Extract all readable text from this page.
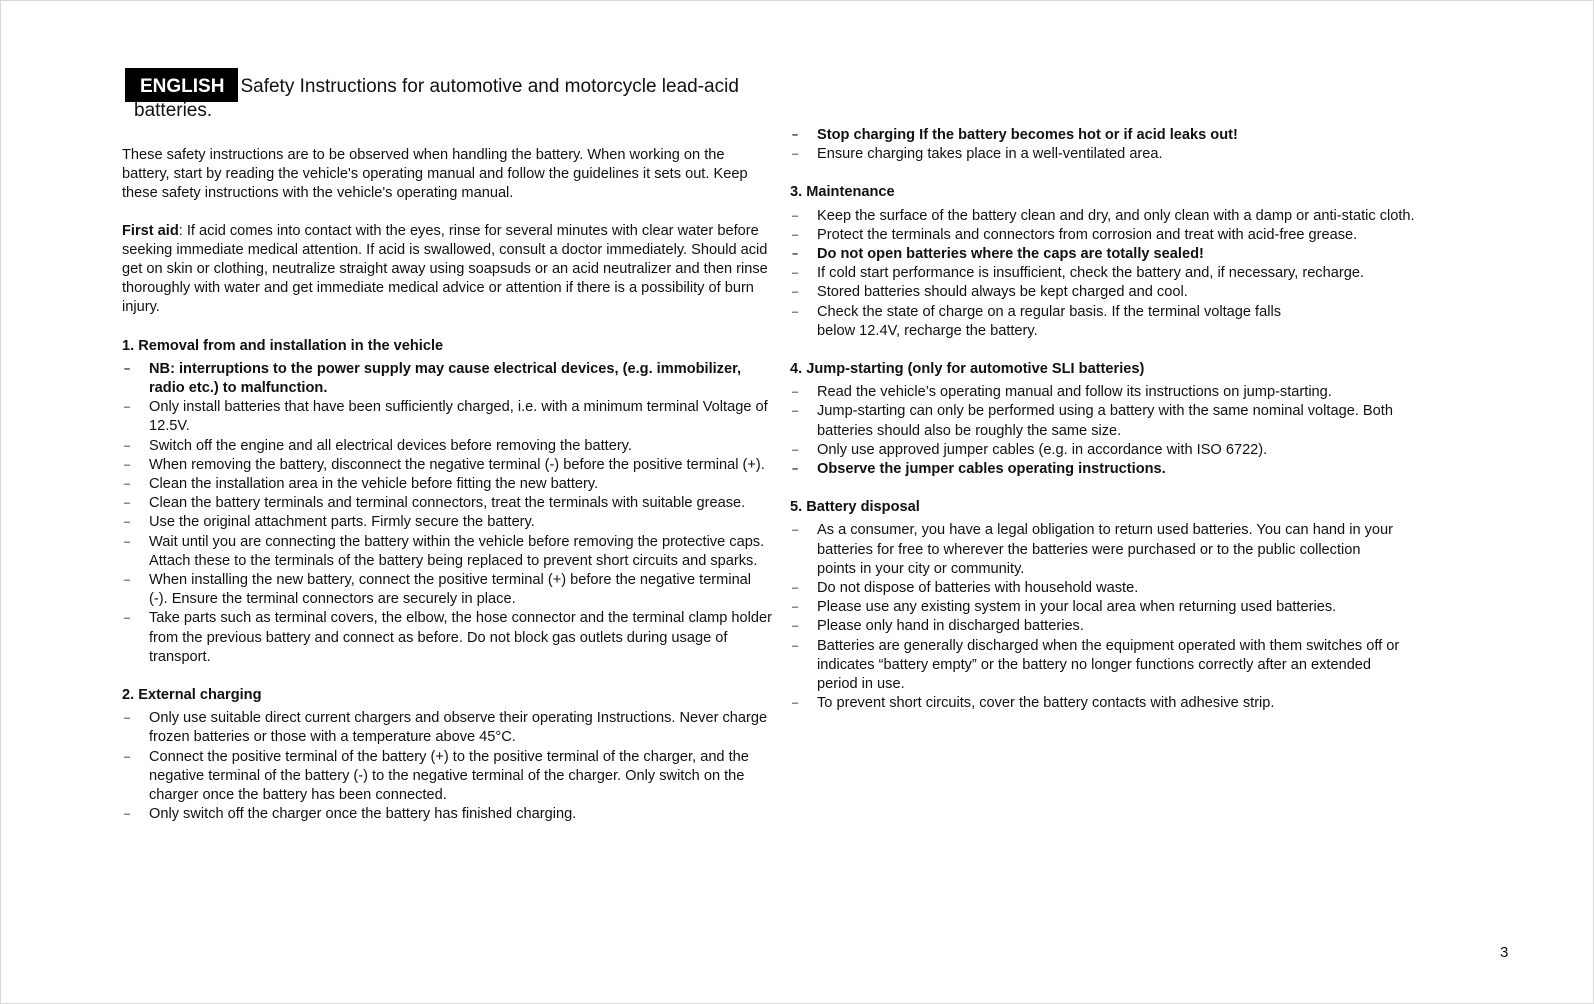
ENGLISH Safety Instructions for automotive and motorcycle lead-acid
batteries.

These safety instructions are to be observed when handling the battery. When working on the battery, start by reading the vehicle's operating manual and follow the guidelines it sets out. Keep these safety instructions with the vehicle's operating manual.

First aid: If acid comes into contact with the eyes, rinse for several minutes with clear water before seeking immediate medical attention. If acid is swallowed, consult a doctor immediately. Should acid get on skin or clothing, neutralize straight away using soapsuds or an acid neutralizer and then rinse thoroughly with water and get immediate medical advice or attention if there is a possibility of burn injury.

1. Removal from and installation in the vehicle
– NB: interruptions to the power supply may cause electrical devices, (e.g. immobilizer, radio etc.) to malfunction.
– Only install batteries that have been sufficiently charged, i.e. with a minimum terminal Voltage of 12.5V.
– Switch off the engine and all electrical devices before removing the battery.
– When removing the battery, disconnect the negative terminal (-) before the positive terminal (+).
– Clean the installation area in the vehicle before fitting the new battery.
– Clean the battery terminals and terminal connectors, treat the terminals with suitable grease.
– Use the original attachment parts. Firmly secure the battery.
– Wait until you are connecting the battery within the vehicle before removing the protective caps. Attach these to the terminals of the battery being replaced to prevent short circuits and sparks.
– When installing the new battery, connect the positive terminal (+) before the negative terminal (-). Ensure the terminal connectors are securely in place.
– Take parts such as terminal covers, the elbow, the hose connector and the terminal clamp holder from the previous battery and connect as before. Do not block gas outlets during usage of transport.
2. External charging
– Only use suitable direct current chargers and observe their operating Instructions. Never charge frozen batteries or those with a temperature above 45°C.
– Connect the positive terminal of the battery (+) to the positive terminal of the charger, and the negative terminal of the battery (-) to the negative terminal of the charger. Only switch on the charger once the battery has been connected.
– Only switch off the charger once the battery has finished charging.
– Stop charging If the battery becomes hot or if acid leaks out!
– Ensure charging takes place in a well-ventilated area.
3. Maintenance
– Keep the surface of the battery clean and dry, and only clean with a damp or anti-static cloth.
– Protect the terminals and connectors from corrosion and treat with acid-free grease.
– Do not open batteries where the caps are totally sealed!
– If cold start performance is insufficient, check the battery and, if necessary, recharge.
– Stored batteries should always be kept charged and cool.
– Check the state of charge on a regular basis. If the terminal voltage falls below 12.4V, recharge the battery.
4. Jump-starting (only for automotive SLI batteries)
– Read the vehicle’s operating manual and follow its instructions on jump-starting.
– Jump-starting can only be performed using a battery with the same nominal voltage. Both batteries should also be roughly the same size.
– Only use approved jumper cables (e.g. in accordance with ISO 6722).
– Observe the jumper cables operating instructions.
5. Battery disposal
– As a consumer, you have a legal obligation to return used batteries. You can hand in your batteries for free to wherever the batteries were purchased or to the public collection points in your city or community.
– Do not dispose of batteries with household waste.
– Please use any existing system in your local area when returning used batteries.
– Please only hand in discharged batteries.
– Batteries are generally discharged when the equipment operated with them switches off or indicates “battery empty” or the battery no longer functions correctly after an extended period in use.
– To prevent short circuits, cover the battery contacts with adhesive strip.
3
